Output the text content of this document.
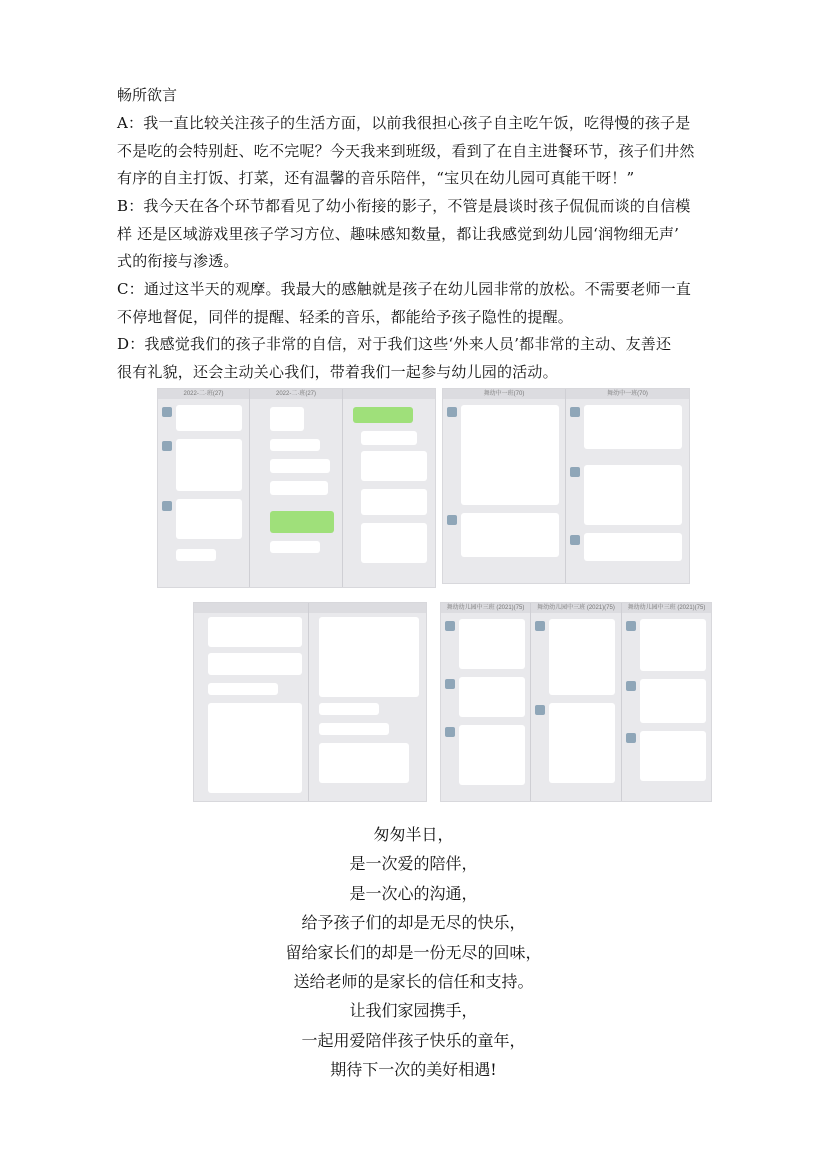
畅所欲言
A：我一直比较关注孩子的生活方面，以前我很担心孩子自主吃午饭，吃得慢的孩子是
不是吃的会特别赶、吃不完呢？今天我来到班级，看到了在自主进餐环节，孩子们井然
有序的自主打饭、打菜，还有温馨的音乐陪伴，“宝贝在幼儿园可真能干呀！”
B：我今天在各个环节都看见了幼小衔接的影子，不管是晨谈时孩子侃侃而谈的自信模
样 还是区域游戏里孩子学习方位、趣味感知数量，都让我感觉到幼儿园‘润物细无声’
式的衔接与渗透。
C：通过这半天的观摩。我最大的感触就是孩子在幼儿园非常的放松。不需要老师一直
不停地督促，同伴的提醒、轻柔的音乐，都能给予孩子隐性的提醒。
D：我感觉我们的孩子非常的自信，对于我们这些‘外来人员’都非常的主动、友善还
很有礼貌，还会主动关心我们，带着我们一起参与幼儿园的活动。
2022-二·班(27)	2022-二·班(27)	舞幼中一班(70)	舞幼中一班(70)
舞幼幼儿园中三班 (2021)(75)	舞幼幼儿园中三班 (2021)(75)	舞幼幼儿园中三班 (2021)(75)
匆匆半日，
是一次爱的陪伴，
是一次心的沟通，
给予孩子们的却是无尽的快乐，
留给家长们的却是一份无尽的回味，
送给老师的是家长的信任和支持。
让我们家园携手，
一起用爱陪伴孩子快乐的童年，
期待下一次的美好相遇!
